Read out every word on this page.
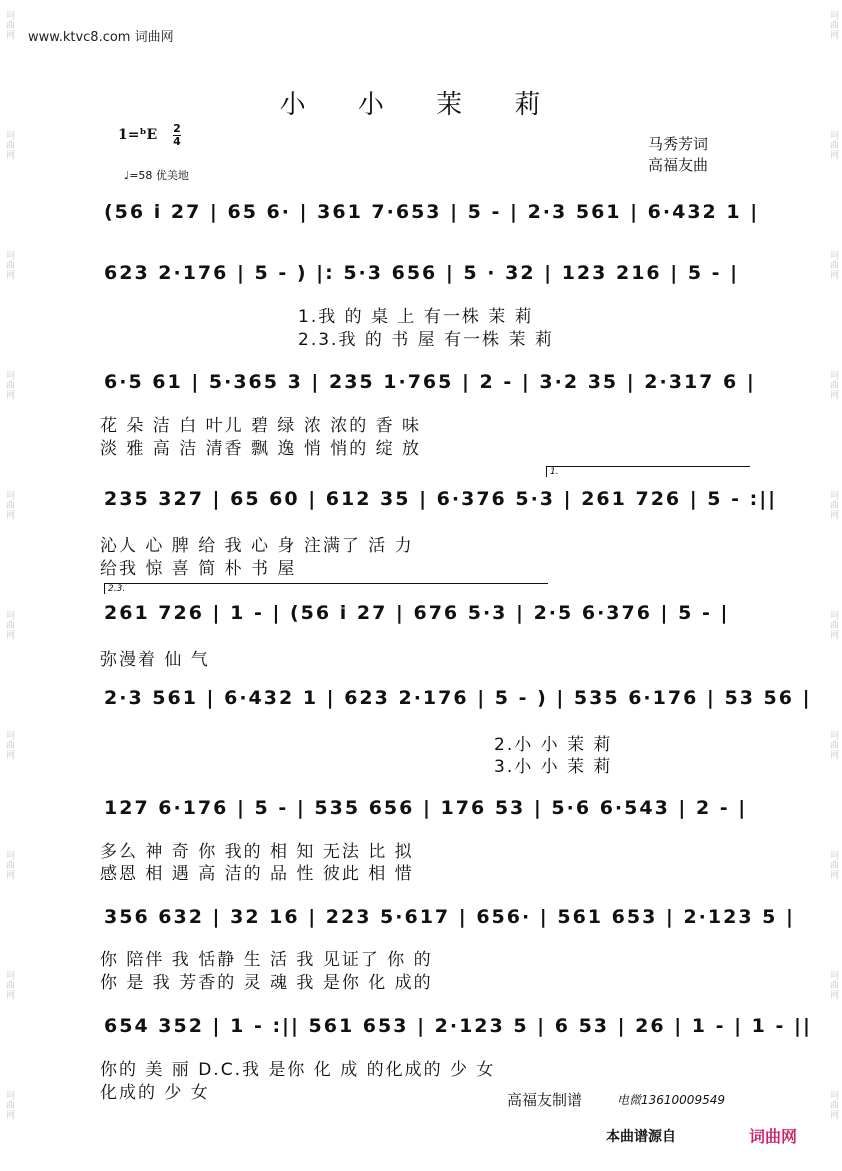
词曲网
词曲网
词曲网
词曲网
词曲网
词曲网
词曲网
词曲网
词曲网
词曲网
词曲网
词曲网
词曲网
词曲网
词曲网
词曲网
词曲网
词曲网
词曲网
词曲网
www.ktvc8.com 词曲网
小 小 茉 莉
1=ᵇE 2
4
♩=58 优美地
马秀芳词
高福友曲
(56 i 27 | 65 6· | 361 7·653 | 5 - | 2·3 561 | 6·432 1 |
623 2·176 | 5 - ) |: 5·3 656 | 5 · 32 | 123 216 | 5 - |
1.我 的 桌 上 有一株 茉 莉
2.3.我 的 书 屋 有一株 茉 莉
6·5 61 | 5·365 3 | 235 1·765 | 2 - | 3·2 35 | 2·317 6 |
花 朵 洁 白 叶儿 碧 绿 浓 浓的 香 味
淡 雅 高 洁 清香 飘 逸 悄 悄的 绽 放
1.
235 327 | 65 60 | 612 35 | 6·376 5·3 | 261 726 | 5 - :||
沁人 心 脾 给 我 心 身 注满了 活 力
给我 惊 喜 简 朴 书 屋
2.3.
261 726 | 1 - | (56 i 27 | 676 5·3 | 2·5 6·376 | 5 - |
弥漫着 仙 气
2·3 561 | 6·432 1 | 623 2·176 | 5 - ) | 535 6·176 | 53 56 |
2.小 小 茉 莉
3.小 小 茉 莉
127 6·176 | 5 - | 535 656 | 176 53 | 5·6 6·543 | 2 - |
多么 神 奇 你 我的 相 知 无法 比 拟
感恩 相 遇 高 洁的 品 性 彼此 相 惜
356 632 | 32 16 | 223 5·617 | 656· | 561 653 | 2·123 5 |
你 陪伴 我 恬静 生 活 我 见证了 你 的
你 是 我 芳香的 灵 魂 我 是你 化 成的
654 352 | 1 - :|| 561 653 | 2·123 5 | 6 53 | 26 | 1 - | 1 - ||
你的 美 丽 D.C.我 是你 化 成 的化成的 少 女
化成的 少 女	高福友制谱	电微13610009549
本曲谱源自	词曲网
